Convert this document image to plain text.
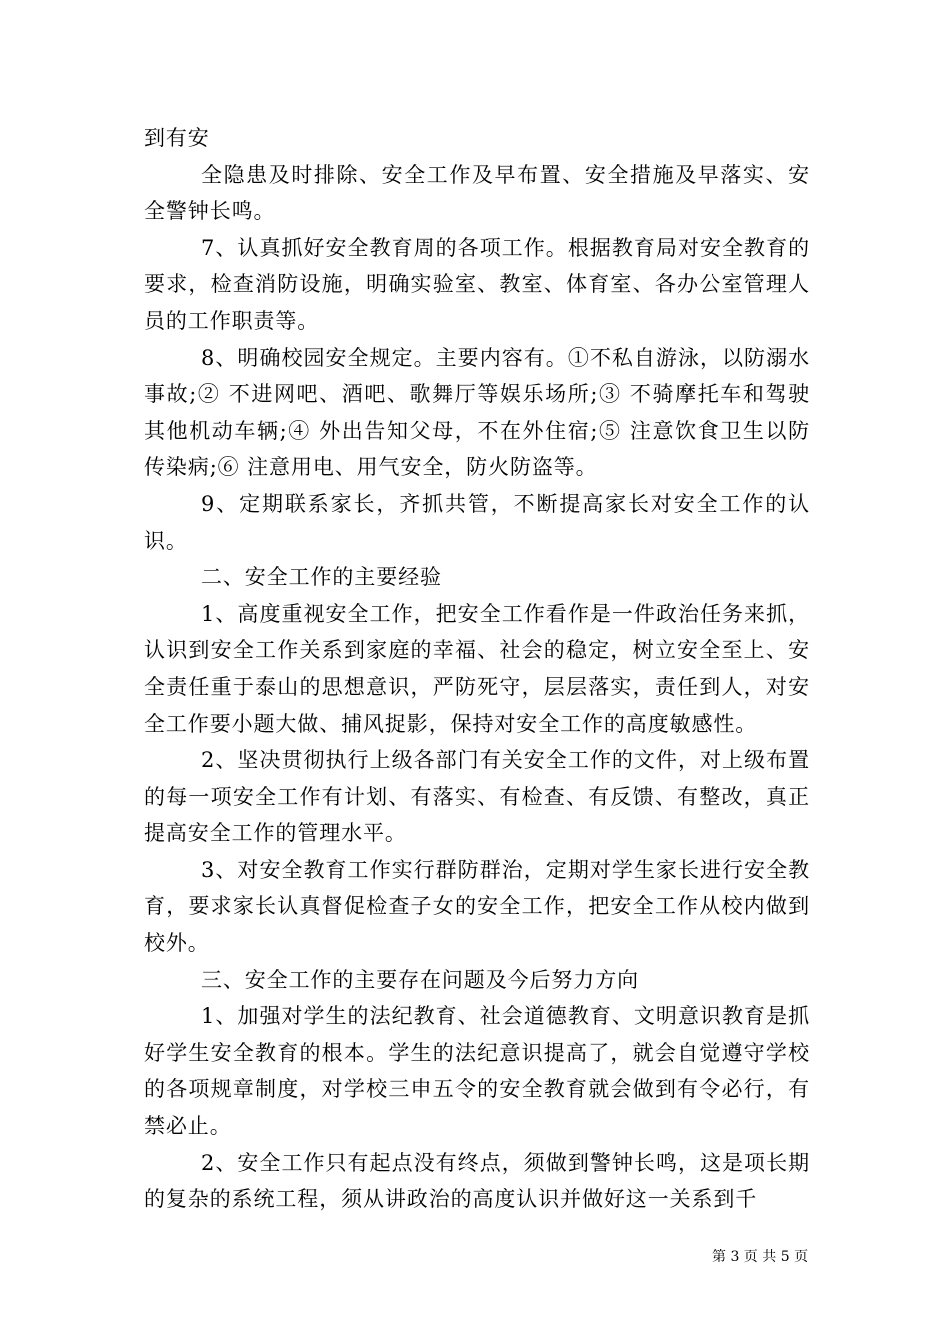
到有安

全隐患及时排除、安全工作及早布置、安全措施及早落实、安全警钟长鸣。

7、认真抓好安全教育周的各项工作。根据教育局对安全教育的要求，检查消防设施，明确实验室、教室、体育室、各办公室管理人员的工作职责等。

8、明确校园安全规定。主要内容有。①不私自游泳，以防溺水事故;② 不进网吧、酒吧、歌舞厅等娱乐场所;③ 不骑摩托车和驾驶其他机动车辆;④ 外出告知父母，不在外住宿;⑤ 注意饮食卫生以防传染病;⑥ 注意用电、用气安全，防火防盗等。

9、定期联系家长，齐抓共管，不断提高家长对安全工作的认识。

二、安全工作的主要经验

1、高度重视安全工作，把安全工作看作是一件政治任务来抓，认识到安全工作关系到家庭的幸福、社会的稳定，树立安全至上、安全责任重于泰山的思想意识，严防死守，层层落实，责任到人，对安全工作要小题大做、捕风捉影，保持对安全工作的高度敏感性。

2、坚决贯彻执行上级各部门有关安全工作的文件，对上级布置的每一项安全工作有计划、有落实、有检查、有反馈、有整改，真正提高安全工作的管理水平。

3、对安全教育工作实行群防群治，定期对学生家长进行安全教育，要求家长认真督促检查子女的安全工作，把安全工作从校内做到校外。

三、安全工作的主要存在问题及今后努力方向

1、加强对学生的法纪教育、社会道德教育、文明意识教育是抓好学生安全教育的根本。学生的法纪意识提高了，就会自觉遵守学校的各项规章制度，对学校三申五令的安全教育就会做到有令必行，有禁必止。

2、安全工作只有起点没有终点，须做到警钟长鸣，这是项长期的复杂的系统工程，须从讲政治的高度认识并做好这一关系到千

第 3 页 共 5 页
